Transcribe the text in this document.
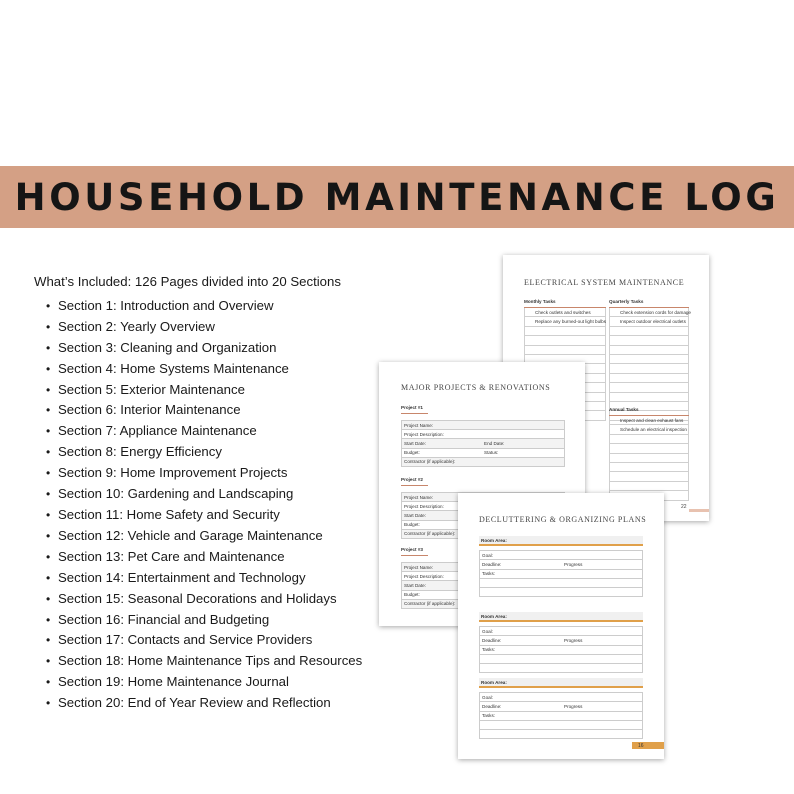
HOUSEHOLD MAINTENANCE LOG

What’s Included: 126 Pages divided into 20 Sections

• Section 1: Introduction and Overview
• Section 2: Yearly Overview
• Section 3: Cleaning and Organization
• Section 4: Home Systems Maintenance
• Section 5: Exterior Maintenance
• Section 6: Interior Maintenance
• Section 7: Appliance Maintenance
• Section 8: Energy Efficiency
• Section 9: Home Improvement Projects
• Section 10: Gardening and Landscaping
• Section 11: Home Safety and Security
• Section 12: Vehicle and Garage Maintenance
• Section 13: Pet Care and Maintenance
• Section 14: Entertainment and Technology
• Section 15: Seasonal Decorations and Holidays
• Section 16: Financial and Budgeting
• Section 17: Contacts and Service Providers
• Section 18: Home Maintenance Tips and Resources
• Section 19: Home Maintenance Journal
• Section 20: End of Year Review and Reflection
ELECTRICAL SYSTEM MAINTENANCE
Monthly Tasks
Check outlets and switches
Replace any burned-out light bulbs
Quarterly Tasks
Check extension cords for damage
Inspect outdoor electrical outlets
Annual Tasks
Inspect and clean exhaust fans
Schedule an electrical inspection
22
MAJOR PROJECTS & RENOVATIONS
Project #1
Project Name:
Project Description:
Start Date:	End Date:
Budget:	Status:
Contractor (if applicable):
Project #2
Project Name:
Project Description:
Start Date:
Budget:
Contractor (if applicable):
Project #3
Project Name:
Project Description:
Start Date:
Budget:
Contractor (if applicable):
DECLUTTERING & ORGANIZING PLANS
Room Area:
Goal:
Deadline:	Progress
Tasks:
Room Area:
Goal:
Deadline:	Progress
Tasks:
Room Area:
Goal:
Deadline:	Progress
Tasks:
16
